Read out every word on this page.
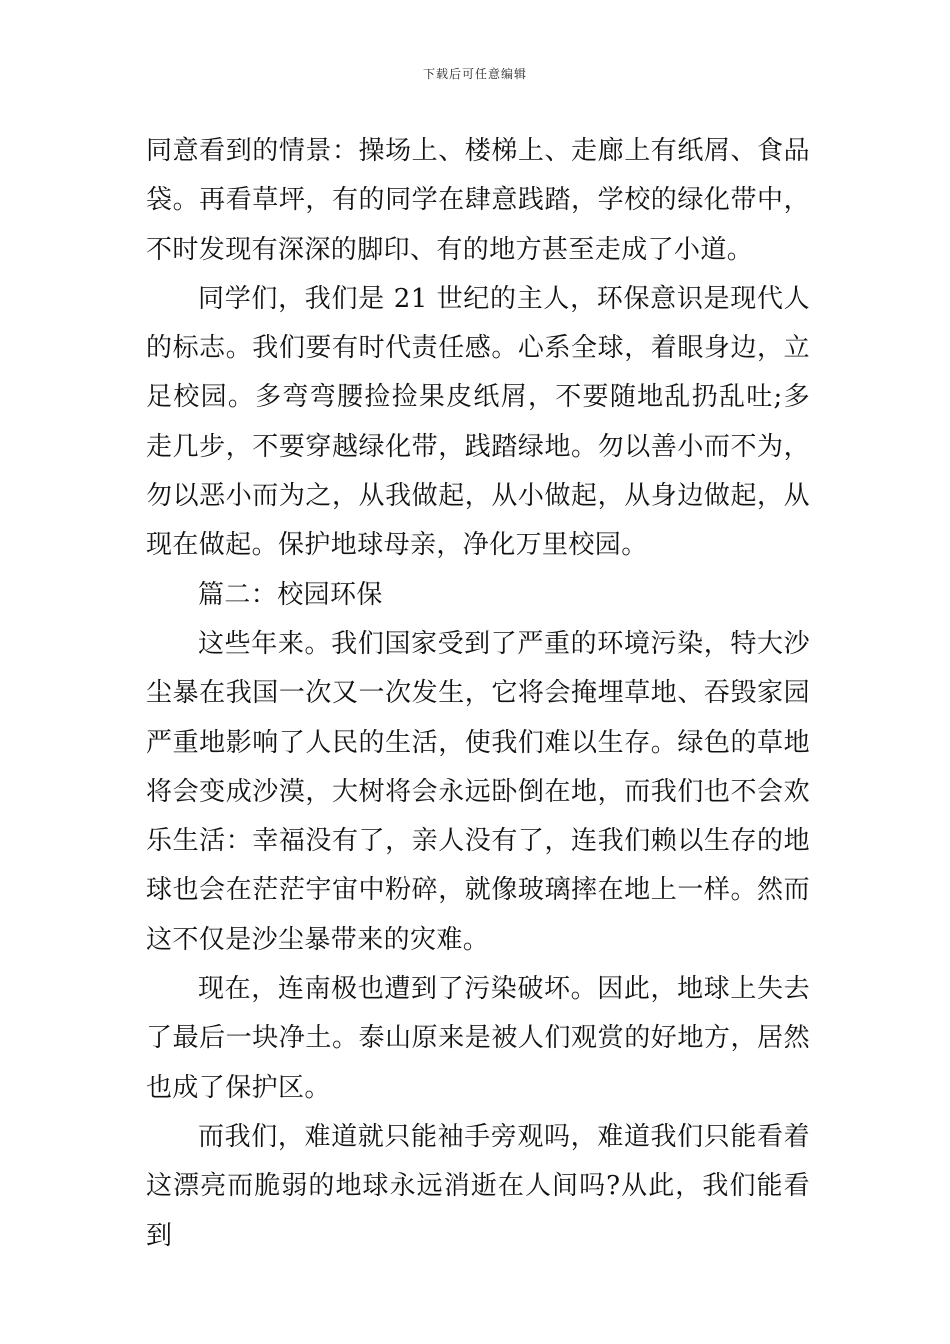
下载后可任意编辑

同意看到的情景：操场上、楼梯上、走廊上有纸屑、食品袋。再看草坪，有的同学在肆意践踏，学校的绿化带中，不时发现有深深的脚印、有的地方甚至走成了小道。

同学们，我们是 21 世纪的主人，环保意识是现代人的标志。我们要有时代责任感。心系全球，着眼身边，立足校园。多弯弯腰捡捡果皮纸屑，不要随地乱扔乱吐;多走几步，不要穿越绿化带，践踏绿地。勿以善小而不为，勿以恶小而为之，从我做起，从小做起，从身边做起，从现在做起。保护地球母亲，净化万里校园。

篇二：校园环保

这些年来。我们国家受到了严重的环境污染，特大沙尘暴在我国一次又一次发生，它将会掩埋草地、吞毁家园严重地影响了人民的生活，使我们难以生存。绿色的草地将会变成沙漠，大树将会永远卧倒在地，而我们也不会欢乐生活：幸福没有了，亲人没有了，连我们赖以生存的地球也会在茫茫宇宙中粉碎，就像玻璃摔在地上一样。然而这不仅是沙尘暴带来的灾难。

现在，连南极也遭到了污染破坏。因此，地球上失去了最后一块净土。泰山原来是被人们观赏的好地方，居然也成了保护区。

而我们，难道就只能袖手旁观吗，难道我们只能看着这漂亮而脆弱的地球永远消逝在人间吗?从此，我们能看到
